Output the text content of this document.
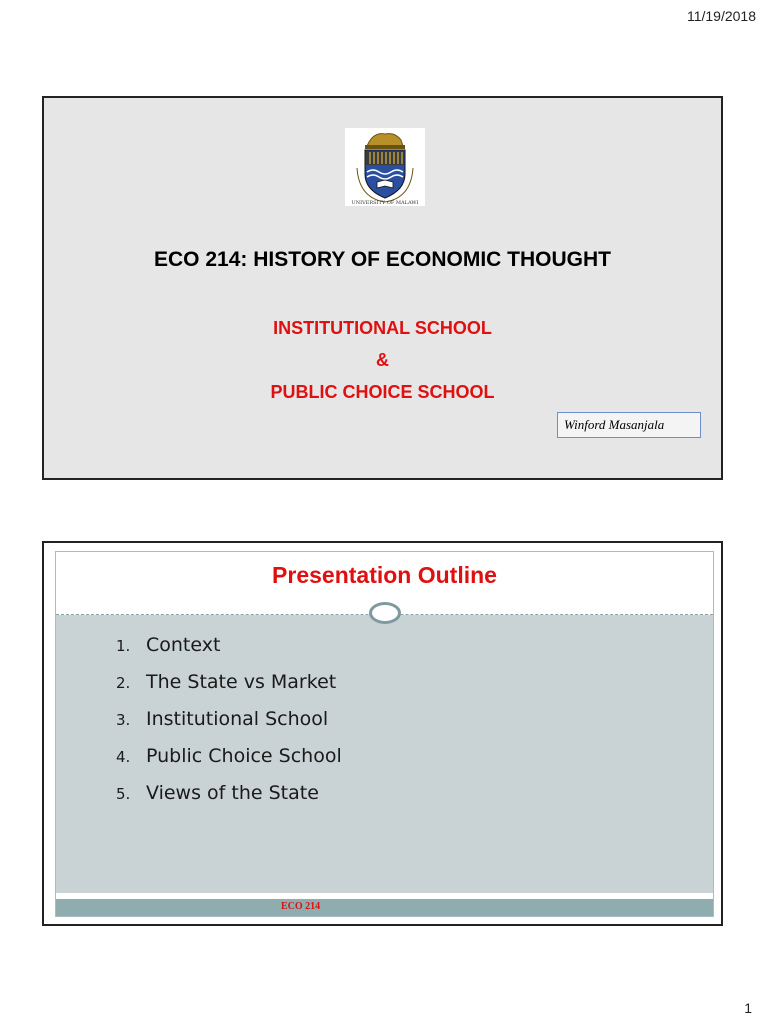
11/19/2018
UNIVERSITY OF MALAWI
ECO 214: HISTORY OF ECONOMIC THOUGHT
INSTITUTIONAL SCHOOL
&
PUBLIC CHOICE SCHOOL
Winford Masanjala
Presentation Outline
1. Context
2. The State vs Market
3. Institutional School
4. Public Choice School
5. Views of the State
ECO 214
1
